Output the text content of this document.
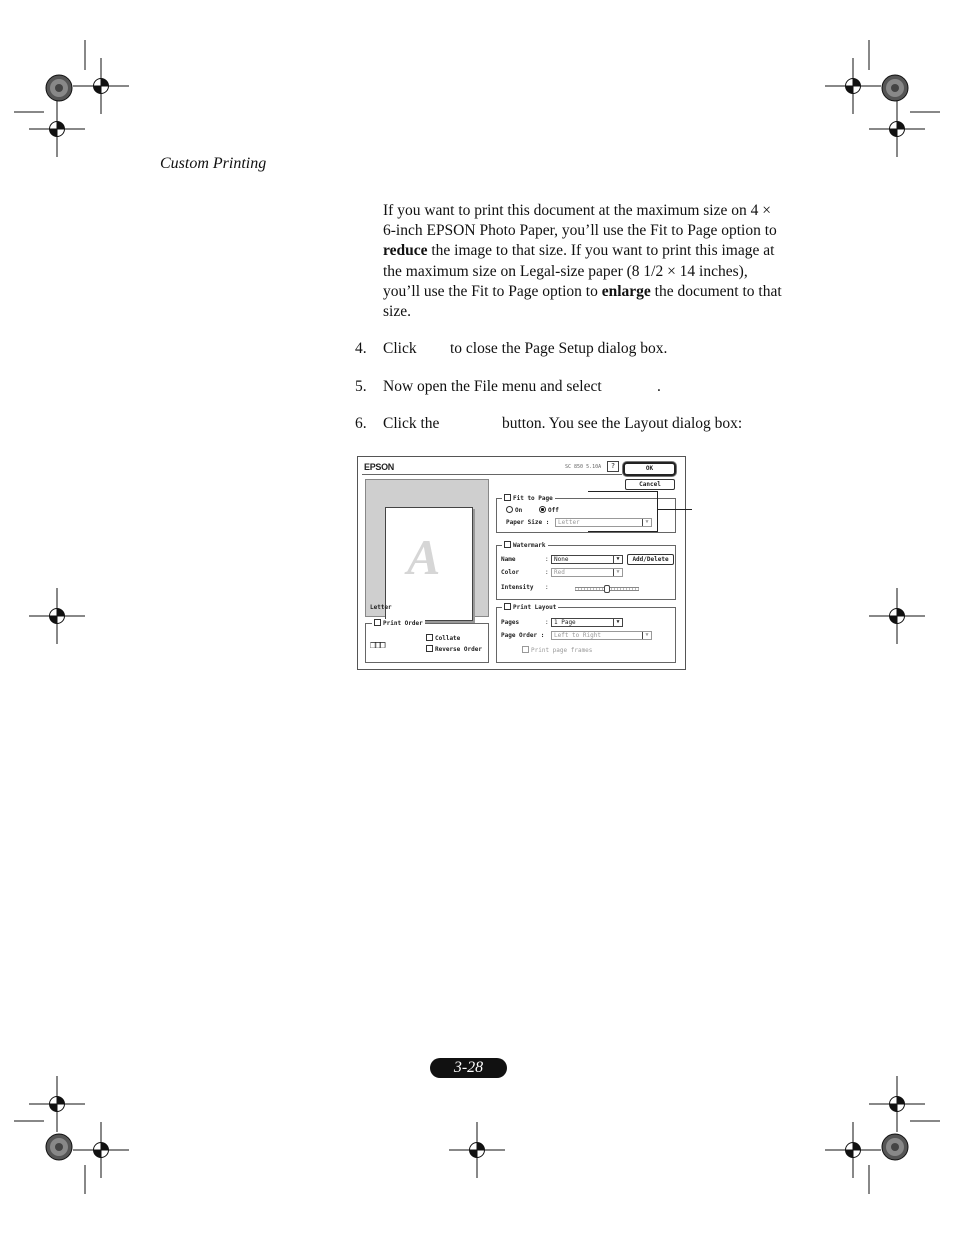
Custom Printing

If you want to print this document at the maximum size on 4 × 6-inch EPSON Photo Paper, you’ll use the Fit to Page option to reduce the image to that size. If you want to print this image at the maximum size on Legal-size paper (8 1/2 × 14 inches), you’ll use the Fit to Page option to enlarge the document to that size.

4. Click to close the Page Setup dialog box.
5. Now open the File menu and select	.
6. Click the	button. You see the Layout dialog box:
EPSON	SC 850 5.10A	?	OK
Cancel
A
Letter
Print Order
❐❐❐	Collate
Reverse Order
Fit to Page
On	Off
Paper Size :	Letter	▼
Watermark
Name	: None	▼	Add/Delete
Color	: Red	▼
Intensity :
Print Layout
Pages	: 1 Page	▼
Page Order :	Left to Right	▼
Print page frames
3-28
